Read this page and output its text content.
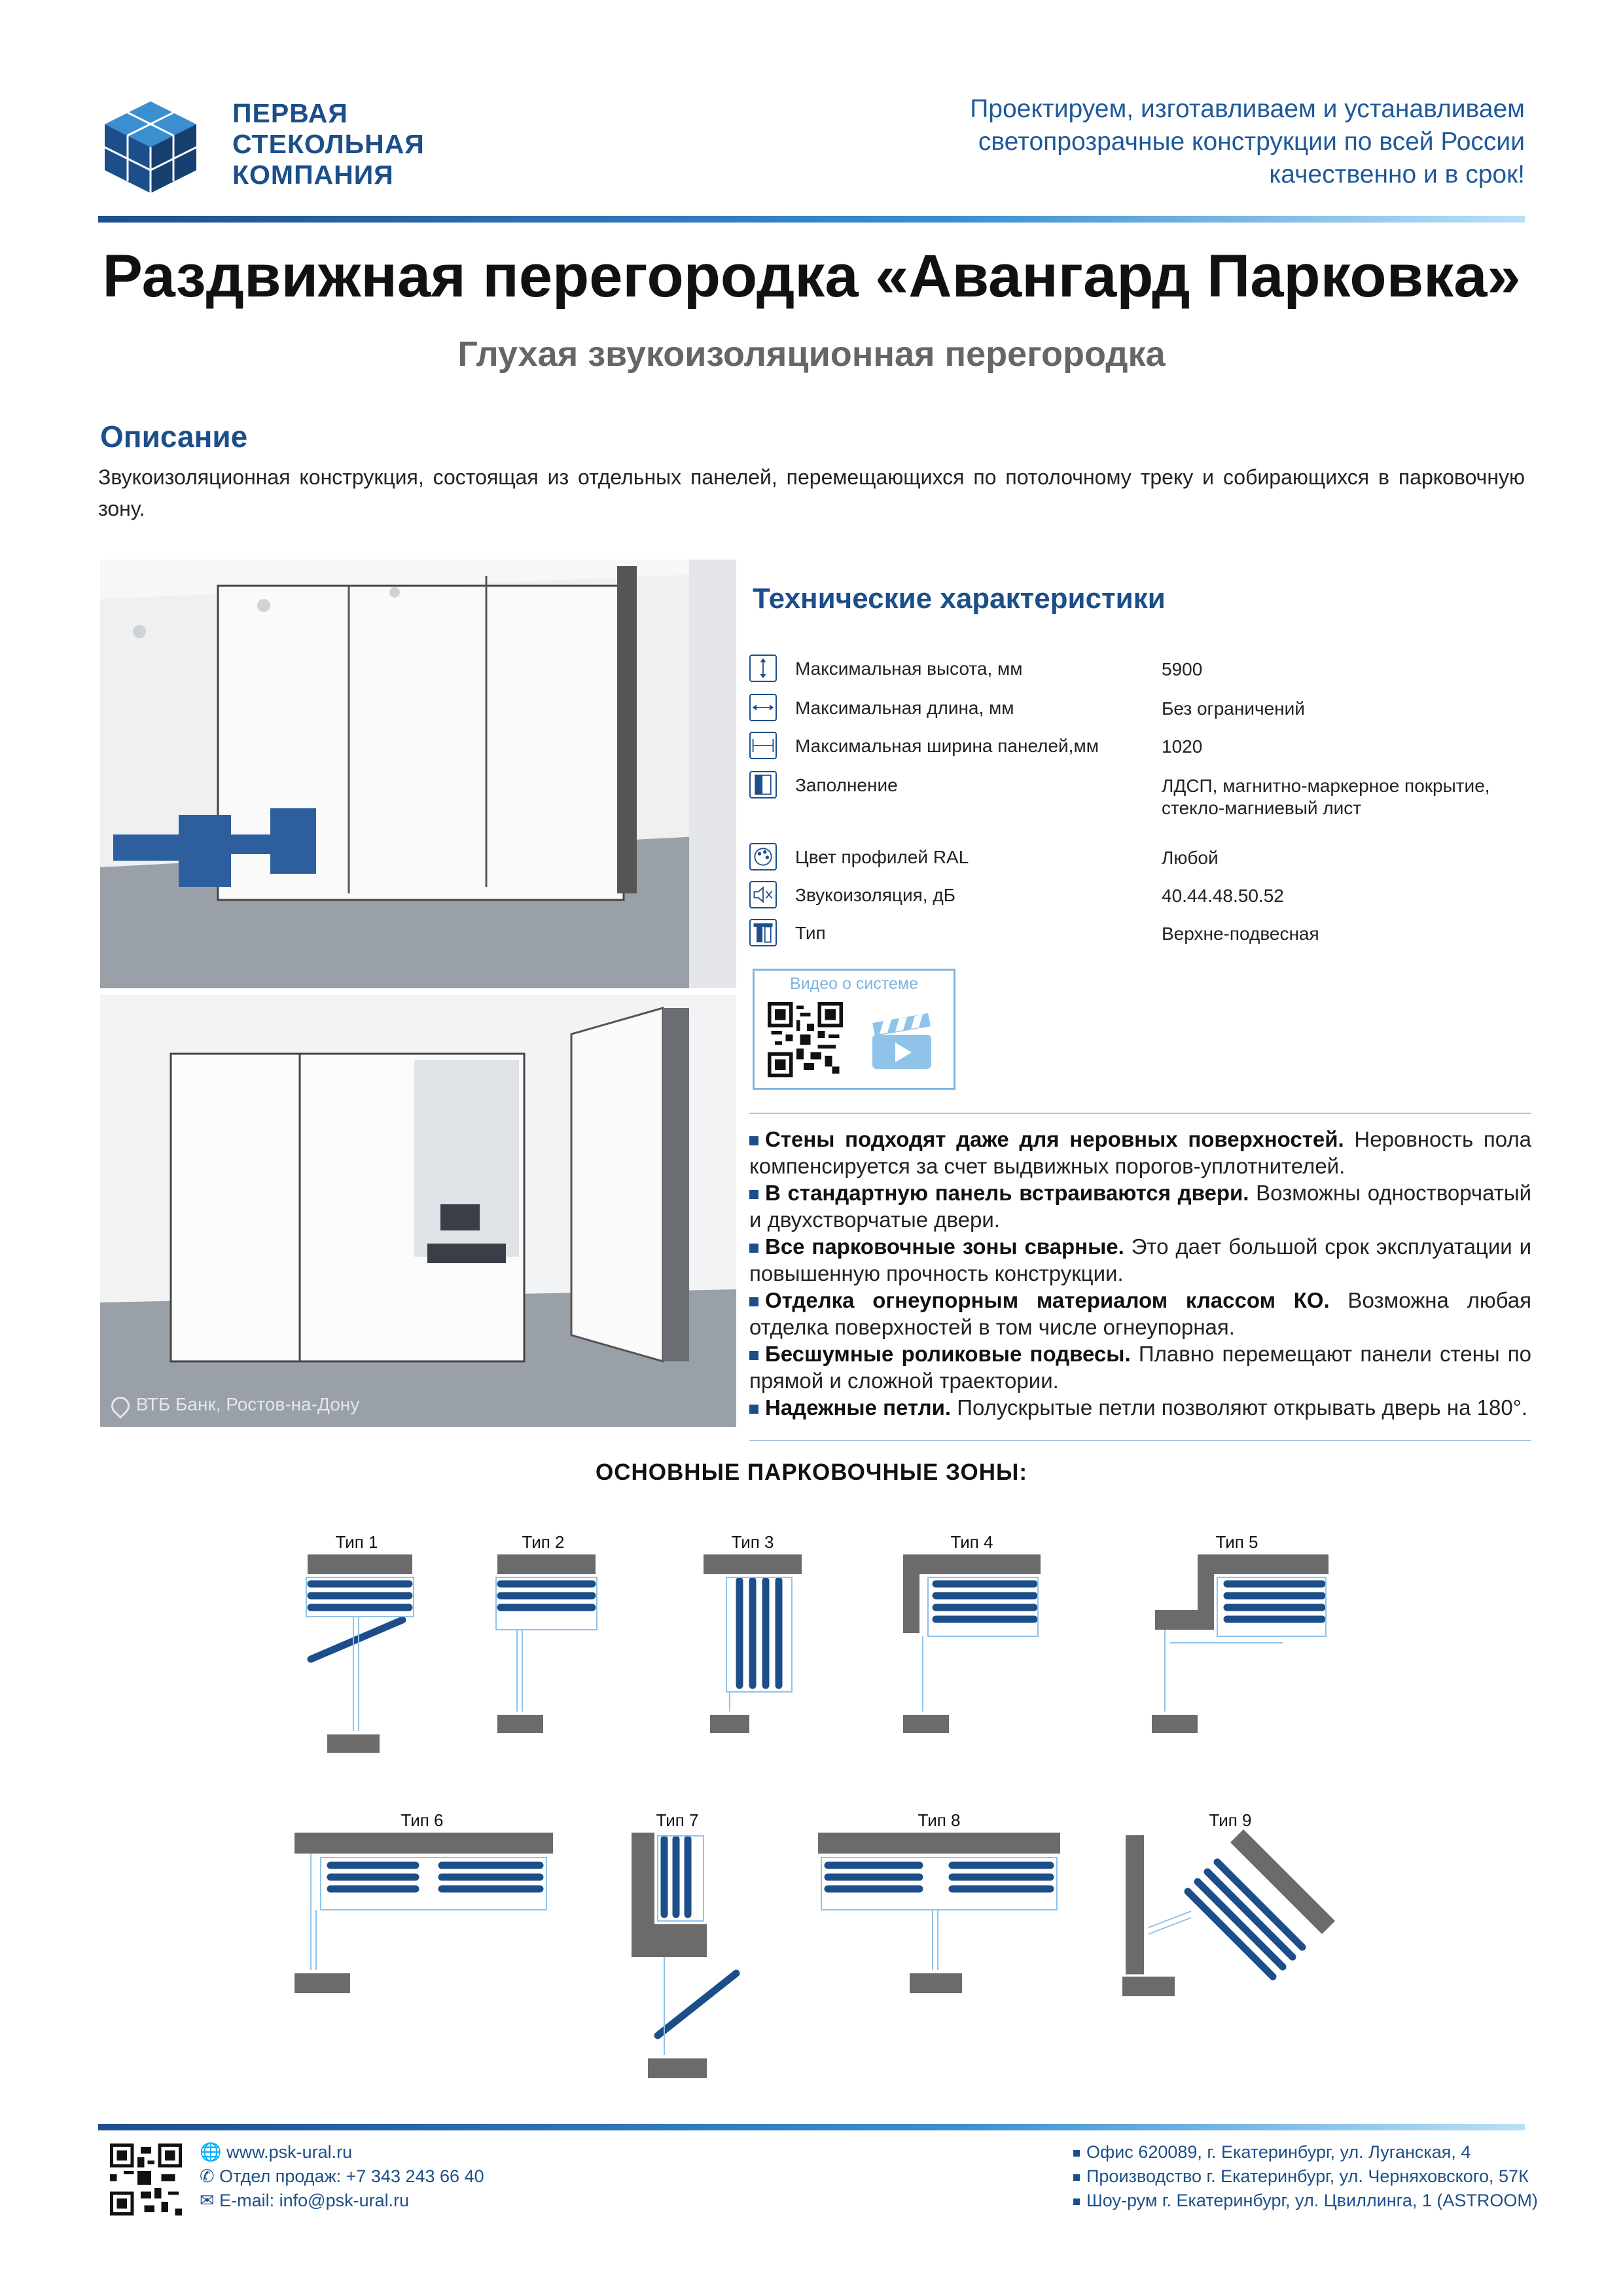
ПЕРВАЯ
СТЕКОЛЬНАЯ
КОМПАНИЯ
Проектируем, изготавливаем и устанавливаем
светопрозрачные конструкции по всей России
качественно и в срок!
Раздвижная перегородка «Авангард Парковка»
Глухая звукоизоляционная перегородка
Описание
Звукоизоляционная конструкция, состоящая из отдельных панелей, перемещающихся по потолочному треку и собирающихся в парковочную зону.
ВТБ Банк, Ростов-на-Дону
Технические характеристики
Максимальная высота, мм	5900
Максимальная длина, мм	Без ограничений
Максимальная ширина панелей,мм	1020
Заполнение	ЛДСП, магнитно-маркерное покрытие, стекло-магниевый лист
Цвет профилей RAL	Любой
Звукоизоляция, дБ	40.44.48.50.52
Тип	Верхне-подвесная
Видео о системе

Стены подходят даже для неровных поверхностей. Неровность пола компенсируется за счет выдвижных порогов-уплотнителей.

В стандартную панель встраиваются двери. Возможны одностворчатый и двухстворчатые двери.

Все парковочные зоны сварные. Это дает большой срок эксплуатации и повышенную прочность конструкции.

Отделка огнеупорным материалом классом КО. Возможна любая отделка поверхностей в том числе огнеупорная.

Бесшумные роликовые подвесы. Плавно перемещают панели стены по прямой и сложной траектории.

Надежные петли. Полускрытые петли позволяют открывать дверь на 180°.

ОСНОВНЫЕ ПАРКОВОЧНЫЕ ЗОНЫ:
Тип 1	Тип 2	Тип 3	Тип 4	Тип 5
Тип 6	Тип 7	Тип 8	Тип 9
🌐 www.psk-ural.ru
✆ Отдел продаж: +7 343 243 66 40
✉ E-mail: info@psk-ural.ru
Офис 620089, г. Екатеринбург, ул. Луганская, 4
Производство г. Екатеринбург, ул. Черняховского, 57К
Шоу-рум г. Екатеринбург, ул. Цвиллинга, 1 (ASTROOM)
